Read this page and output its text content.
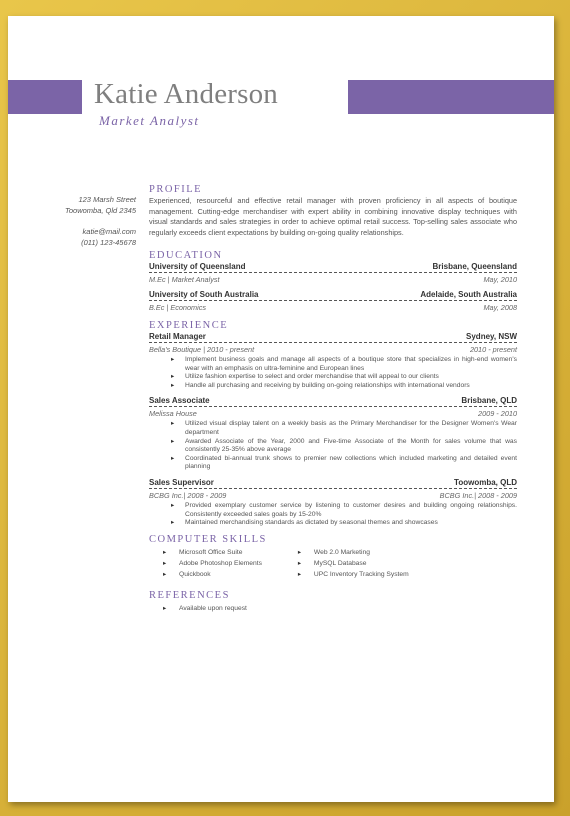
Katie Anderson
Market Analyst
123 Marsh Street
Toowomba, Qld 2345
katie@mail.com
(011) 123-45678
PROFILE

Experienced, resourceful and effective retail manager with proven proficiency in all aspects of boutique management. Cutting-edge merchandiser with expert ability in combining innovative display techniques with visual standards and sales strategies in order to achieve optimal retail success. Top-selling sales associate who regularly exceeds client expectations by building on-going quality relationships.

EDUCATION
University of Queensland	Brisbane, Queensland
M.Ec | Market Analyst	May, 2010
University of South Australia	Adelaide, South Australia
B.Ec | Economics	May, 2008
EXPERIENCE
Retail Manager	Sydney, NSW
Bella's Boutique | 2010 - present	2010 - present
▸ Implement business goals and manage all aspects of a boutique store that specializes in high-end women's wear with an emphasis on ultra-feminine and European lines
▸ Utilize fashion expertise to select and order merchandise that will appeal to our clients
▸ Handle all purchasing and receiving by building on-going relationships with international vendors
Sales Associate	Brisbane, QLD
Melissa House	2009 - 2010
▸ Utilized visual display talent on a weekly basis as the Primary Merchandiser for the Designer Women's Wear department
▸ Awarded Associate of the Year, 2000 and Five-time Associate of the Month for sales volume that was consistently 25-35% above average
▸ Coordinated bi-annual trunk shows to premier new collections which included marketing and detailed event planning
Sales Supervisor	Toowomba, QLD
BCBG Inc.| 2008 - 2009	BCBG Inc.| 2008 - 2009
▸ Provided exemplary customer service by listening to customer desires and building ongoing relationships. Consistently exceeded sales goals by 15-20%
▸ Maintained merchandising standards as dictated by seasonal themes and showcases
COMPUTER SKILLS
▸ Microsoft Office Suite
▸ Adobe Photoshop Elements
▸ Quickbook
▸ Web 2.0 Marketing
▸ MySQL Database
▸ UPC Inventory Tracking System
REFERENCES
▸ Available upon request
